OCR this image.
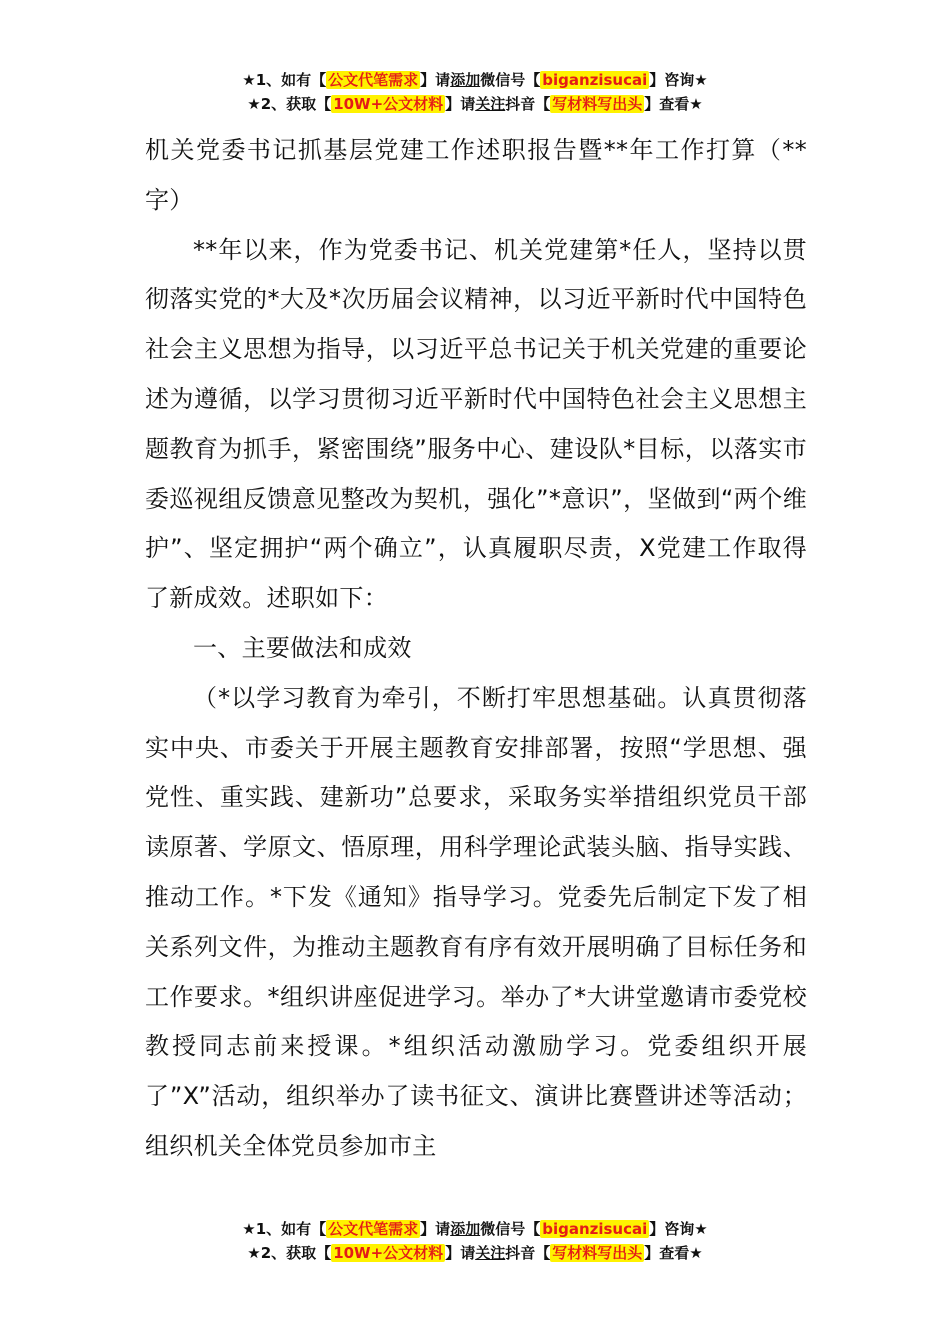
★1、如有【 公文代笔需求 】请添加微信号【 biganzisucai 】咨询★
★2、获取【 10W+公文材料 】请关注抖音【 写材料写出头 】查看★

机关党委书记抓基层党建工作述职报告暨**年工作打算（**字）

**年以来，作为党委书记、机关党建第*任人，坚持以贯彻落实党的*大及*次历届会议精神，以习近平新时代中国特色社会主义思想为指导，以习近平总书记关于机关党建的重要论述为遵循，以学习贯彻习近平新时代中国特色社会主义思想主题教育为抓手，紧密围绕”服务中心、建设队*目标，以落实市委巡视组反馈意见整改为契机，强化”*意识”，坚做到“两个维护”、坚定拥护“两个确立”，认真履职尽责，X党建工作取得了新成效。述职如下：

一、主要做法和成效

（*以学习教育为牵引，不断打牢思想基础。认真贯彻落实中央、市委关于开展主题教育安排部署，按照“学思想、强党性、重实践、建新功”总要求，采取务实举措组织党员干部读原著、学原文、悟原理，用科学理论武装头脑、指导实践、推动工作。*下发《通知》指导学习。党委先后制定下发了相关系列文件，为推动主题教育有序有效开展明确了目标任务和工作要求。*组织讲座促进学习。举办了*大讲堂邀请市委党校教授同志前来授课。*组织活动激励学习。党委组织开展了”X”活动，组织举办了读书征文、演讲比赛暨讲述等活动；组织机关全体党员参加市主

★1、如有【 公文代笔需求 】请添加微信号【 biganzisucai 】咨询★
★2、获取【 10W+公文材料 】请关注抖音【 写材料写出头 】查看★
